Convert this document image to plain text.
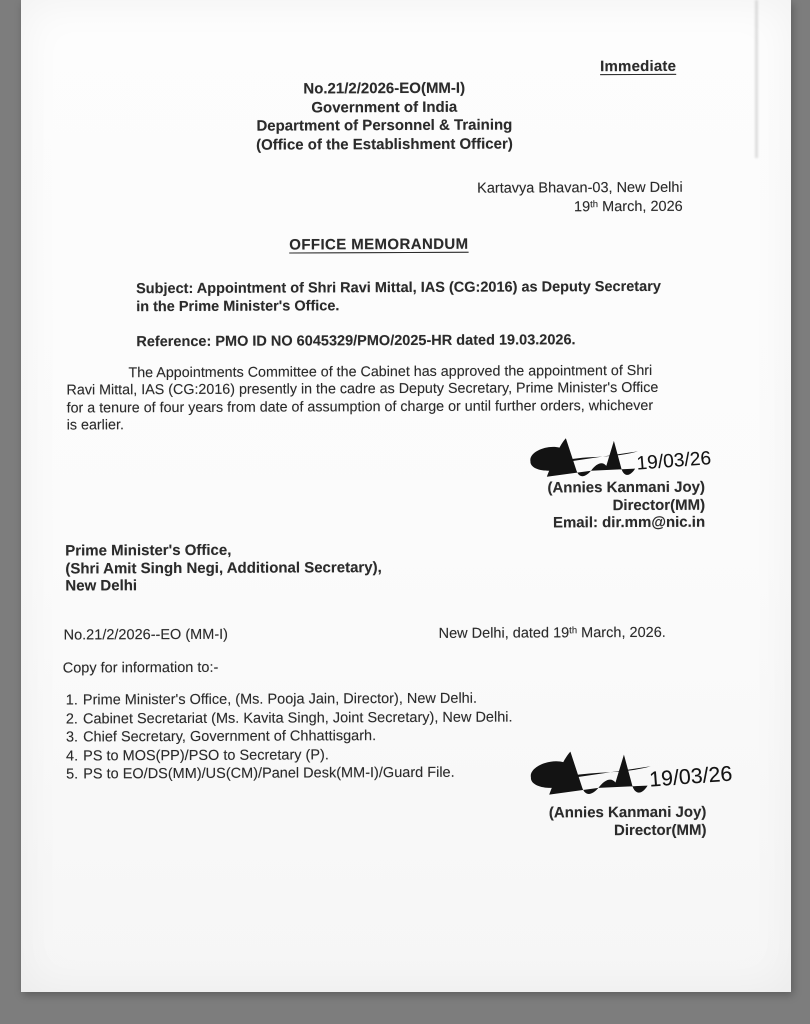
Immediate
No.21/2/2026-EO(MM-I)
Government of India
Department of Personnel & Training
(Office of the Establishment Officer)
Kartavya Bhavan-03, New Delhi
19th March, 2026
OFFICE MEMORANDUM
Subject: Appointment of Shri Ravi Mittal, IAS (CG:2016) as Deputy Secretary
in the Prime Minister's Office.
Reference: PMO ID NO 6045329/PMO/2025-HR dated 19.03.2026.
The Appointments Committee of the Cabinet has approved the appointment of Shri
Ravi Mittal, IAS (CG:2016) presently in the cadre as Deputy Secretary, Prime Minister's Office
for a tenure of four years from date of assumption of charge or until further orders, whichever
is earlier.
(Annies Kanmani Joy)
Director(MM)
Email: dir.mm@nic.in
Prime Minister's Office,
(Shri Amit Singh Negi, Additional Secretary),
New Delhi
No.21/2/2026--EO (MM-I)	New Delhi, dated 19th March, 2026.
Copy for information to:-
1. Prime Minister's Office, (Ms. Pooja Jain, Director), New Delhi.
2. Cabinet Secretariat (Ms. Kavita Singh, Joint Secretary), New Delhi.
3. Chief Secretary, Government of Chhattisgarh.
4. PS to MOS(PP)/PSO to Secretary (P).
5. PS to EO/DS(MM)/US(CM)/Panel Desk(MM-I)/Guard File.
(Annies Kanmani Joy)
Director(MM)
